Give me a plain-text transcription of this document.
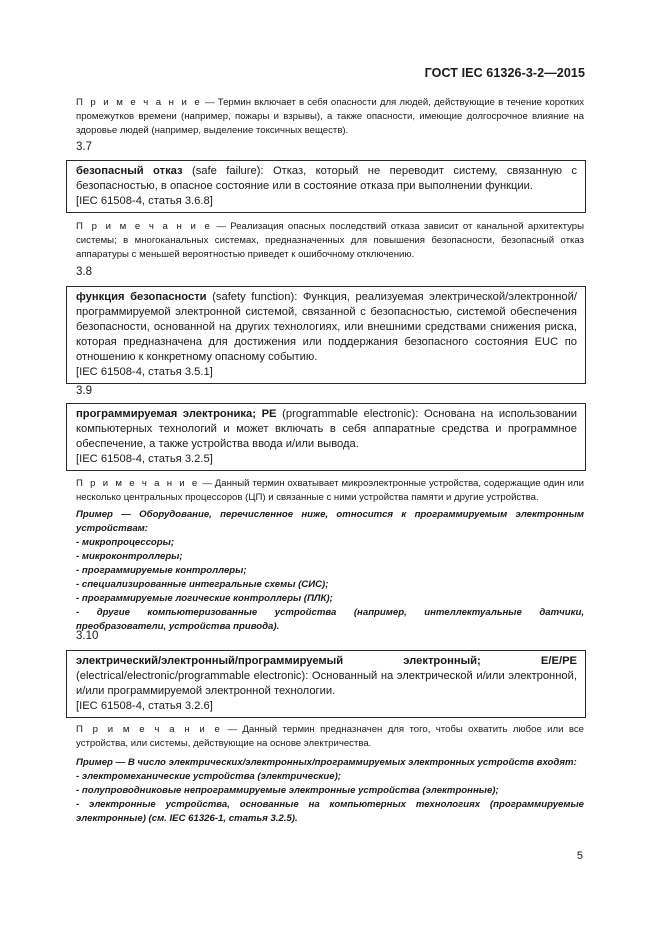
ГОСТ IEC 61326-3-2—2015
П р и м е ч а н и е — Термин включает в себя опасности для людей, действующие в течение коротких промежутков времени (например, пожары и взрывы), а также опасности, имеющие долгосрочное влияние на здоровье людей (например, выделение токсичных веществ).
3.7
безопасный отказ (safe failure): Отказ, который не переводит систему, связанную с безопасностью, в опасное состояние или в состояние отказа при выполнении функции.
[IEC 61508-4, статья 3.6.8]
П р и м е ч а н и е — Реализация опасных последствий отказа зависит от канальной архитектуры системы; в многоканальных системах, предназначенных для повышения безопасности, безопасный отказ аппаратуры с меньшей вероятностью приведет к ошибочному отключению.
3.8
функция безопасности (safety function): Функция, реализуемая электрической/электронной/программируемой электронной системой, связанной с безопасностью, системой обеспечения безопасности, основанной на других технологиях, или внешними средствами снижения риска, которая предназначена для достижения или поддержания безопасного состояния EUC по отношению к конкретному опасному событию.
[IEC 61508-4, статья 3.5.1]
3.9
программируемая электроника; PE (programmable electronic): Основана на использовании компьютерных технологий и может включать в себя аппаратные средства и программное обеспечение, а также устройства ввода и/или вывода.
[IEC 61508-4, статья 3.2.5]
П р и м е ч а н и е — Данный термин охватывает микроэлектронные устройства, содержащие один или несколько центральных процессоров (ЦП) и связанные с ними устройства памяти и другие устройства.
Пример — Оборудование, перечисленное ниже, относится к программируемым электронным устройствам:
- микропроцессоры;
- микроконтроллеры;
- программируемые контроллеры;
- специализированные интегральные схемы (СИС);
- программируемые логические контроллеры (ПЛК);
- другие компьютеризованные устройства (например, интеллектуальные датчики, преобразователи, устройства привода).
3.10
электрический/электронный/программируемый электронный; E/E/PE (electrical/electronic/programmable electronic): Основанный на электрической и/или электронной, и/или программируемой электронной технологии.
[IEC 61508-4, статья 3.2.6]
П р и м е ч а н и е — Данный термин предназначен для того, чтобы охватить любое или все устройства, или системы, действующие на основе электричества.
Пример — В число электрических/электронных/программируемых электронных устройств входят:
- электромеханические устройства (электрические);
- полупроводниковые непрограммируемые электронные устройства (электронные);
- электронные устройства, основанные на компьютерных технологиях (программируемые электронные) (см. IEC 61326-1, статья 3.2.5).
5
